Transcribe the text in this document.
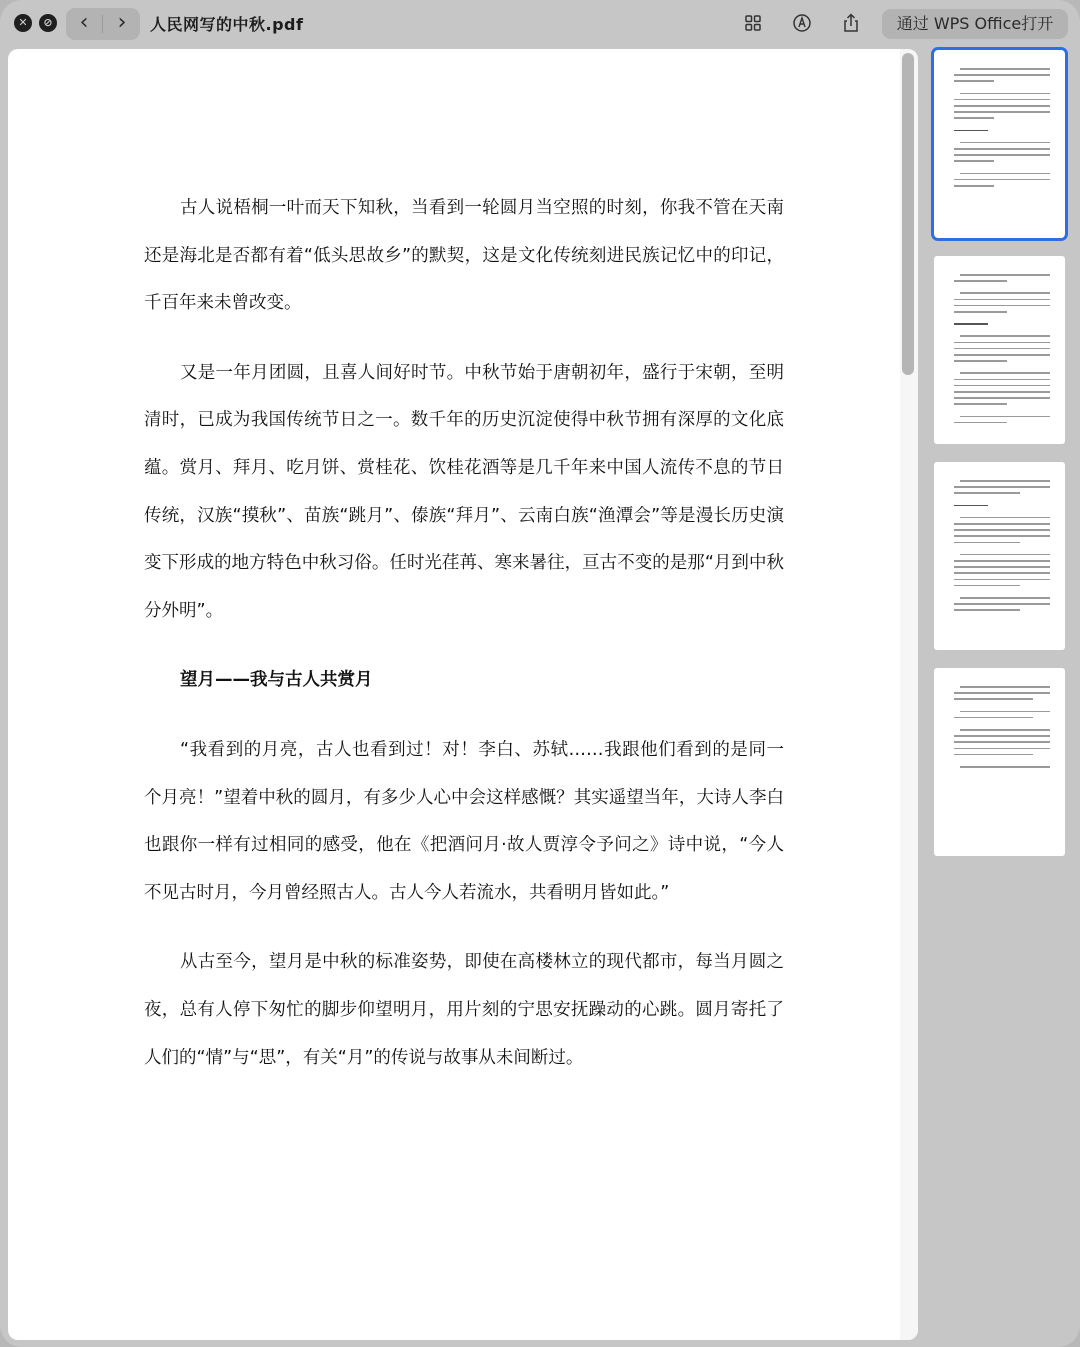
✕	⊘	‹	›	人民网写的中秋.pdf	通过 WPS Office打开

古人说梧桐一叶而天下知秋，当看到一轮圆月当空照的时刻，你我不管在天南还是海北是否都有着“低头思故乡”的默契，这是文化传统刻进民族记忆中的印记，千百年来未曾改变。

又是一年月团圆，且喜人间好时节。中秋节始于唐朝初年，盛行于宋朝，至明清时，已成为我国传统节日之一。数千年的历史沉淀使得中秋节拥有深厚的文化底蕴。赏月、拜月、吃月饼、赏桂花、饮桂花酒等是几千年来中国人流传不息的节日传统，汉族“摸秋”、苗族“跳月”、傣族“拜月”、云南白族“渔潭会”等是漫长历史演变下形成的地方特色中秋习俗。任时光荏苒、寒来暑往，亘古不变的是那“月到中秋分外明”。

望月——我与古人共赏月

“我看到的月亮，古人也看到过！对！李白、苏轼……我跟他们看到的是同一个月亮！”望着中秋的圆月，有多少人心中会这样感慨？其实遥望当年，大诗人李白也跟你一样有过相同的感受，他在《把酒问月·故人贾淳令予问之》诗中说，“今人不见古时月，今月曾经照古人。古人今人若流水，共看明月皆如此。”

从古至今，望月是中秋的标准姿势，即使在高楼林立的现代都市，每当月圆之夜，总有人停下匆忙的脚步仰望明月，用片刻的宁思安抚躁动的心跳。圆月寄托了人们的“情”与“思”，有关“月”的传说与故事从未间断过。
